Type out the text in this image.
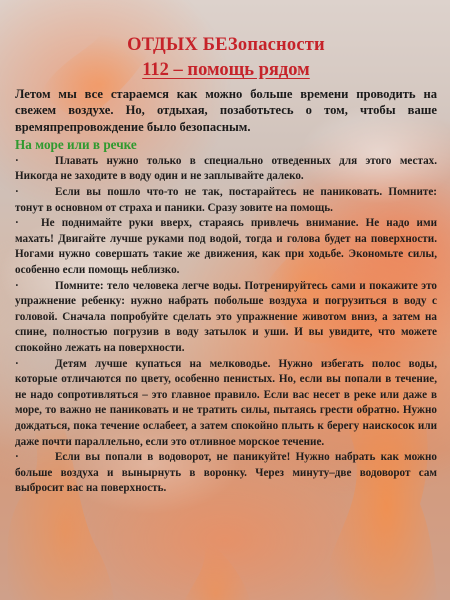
ОТДЫХ БЕЗопасности
112 – помощь рядом

Летом мы все стараемся как можно больше времени проводить на свежем воздухе. Но, отдыхая, позаботьтесь о том, чтобы ваше времяпрепровождение было безопасным.

На море или в речке

·	Плавать нужно только в специально отведенных для этого местах. Никогда не заходите в воду один и не заплывайте далеко.

·	Если вы пошло что-то не так, постарайтесь не паниковать. Помните: тонут в основном от страха и паники. Сразу зовите на помощь.

· Не поднимайте руки вверх, стараясь привлечь внимание. Не надо ими махать! Двигайте лучше руками под водой, тогда и голова будет на поверхности. Ногами нужно совершать такие же движения, как при ходьбе. Экономьте силы, особенно если помощь неблизко.

·	Помните: тело человека легче воды. Потренируйтесь сами и покажите это упражнение ребенку: нужно набрать побольше воздуха и погрузиться в воду с головой. Сначала попробуйте сделать это упражнение животом вниз, а затем на спине, полностью погрузив в воду затылок и уши. И вы увидите, что можете спокойно лежать на поверхности.

·	Детям лучше купаться на мелководье. Нужно избегать полос воды, которые отличаются по цвету, особенно пенистых. Но, если вы попали в течение, не надо сопротивляться – это главное правило. Если вас несет в реке или даже в море, то важно не паниковать и не тратить силы, пытаясь грести обратно. Нужно дождаться, пока течение ослабеет, а затем спокойно плыть к берегу наискосок или даже почти параллельно, если это отливное морское течение.

·	Если вы попали в водоворот, не паникуйте! Нужно набрать как можно больше воздуха и вынырнуть в воронку. Через минуту–две водоворот сам выбросит вас на поверхность.
